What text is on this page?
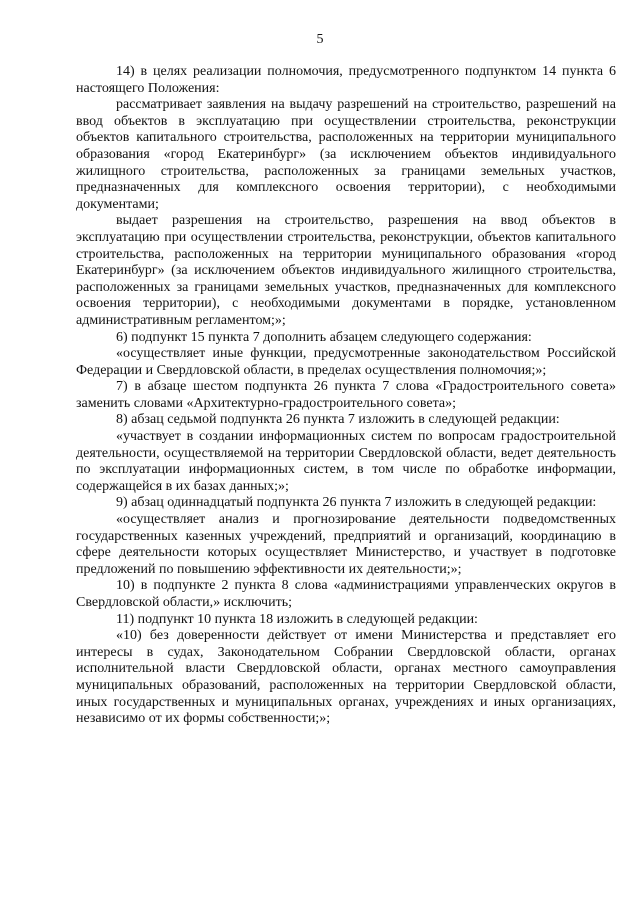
5

14) в целях реализации полномочия, предусмотренного подпунктом 14 пункта 6 настоящего Положения:

рассматривает заявления на выдачу разрешений на строительство, разрешений на ввод объектов в эксплуатацию при осуществлении строительства, реконструкции объектов капитального строительства, расположенных на территории муниципального образования «город Екатеринбург» (за исключением объектов индивидуального жилищного строительства, расположенных за границами земельных участков, предназначенных для комплексного освоения территории), с необходимыми документами;

выдает разрешения на строительство, разрешения на ввод объектов в эксплуатацию при осуществлении строительства, реконструкции, объектов капитального строительства, расположенных на территории муниципального образования «город Екатеринбург» (за исключением объектов индивидуального жилищного строительства, расположенных за границами земельных участков, предназначенных для комплексного освоения территории), с необходимыми документами в порядке, установленном административным регламентом;»;

6) подпункт 15 пункта 7 дополнить абзацем следующего содержания:

«осуществляет иные функции, предусмотренные законодательством Российской Федерации и Свердловской области, в пределах осуществления полномочия;»;

7) в абзаце шестом подпункта 26 пункта 7 слова «Градостроительного совета» заменить словами «Архитектурно-градостроительного совета»;

8) абзац седьмой подпункта 26 пункта 7 изложить в следующей редакции:

«участвует в создании информационных систем по вопросам градостроительной деятельности, осуществляемой на территории Свердловской области, ведет деятельность по эксплуатации информационных систем, в том числе по обработке информации, содержащейся в их базах данных;»;

9) абзац одиннадцатый подпункта 26 пункта 7 изложить в следующей редакции:

«осуществляет анализ и прогнозирование деятельности подведомственных государственных казенных учреждений, предприятий и организаций, координацию в сфере деятельности которых осуществляет Министерство, и участвует в подготовке предложений по повышению эффективности их деятельности;»;

10) в подпункте 2 пункта 8 слова «администрациями управленческих округов в Свердловской области,» исключить;

11) подпункт 10 пункта 18 изложить в следующей редакции:

«10) без доверенности действует от имени Министерства и представляет его интересы в судах, Законодательном Собрании Свердловской области, органах исполнительной власти Свердловской области, органах местного самоуправления муниципальных образований, расположенных на территории Свердловской области, иных государственных и муниципальных органах, учреждениях и иных организациях, независимо от их формы собственности;»;
